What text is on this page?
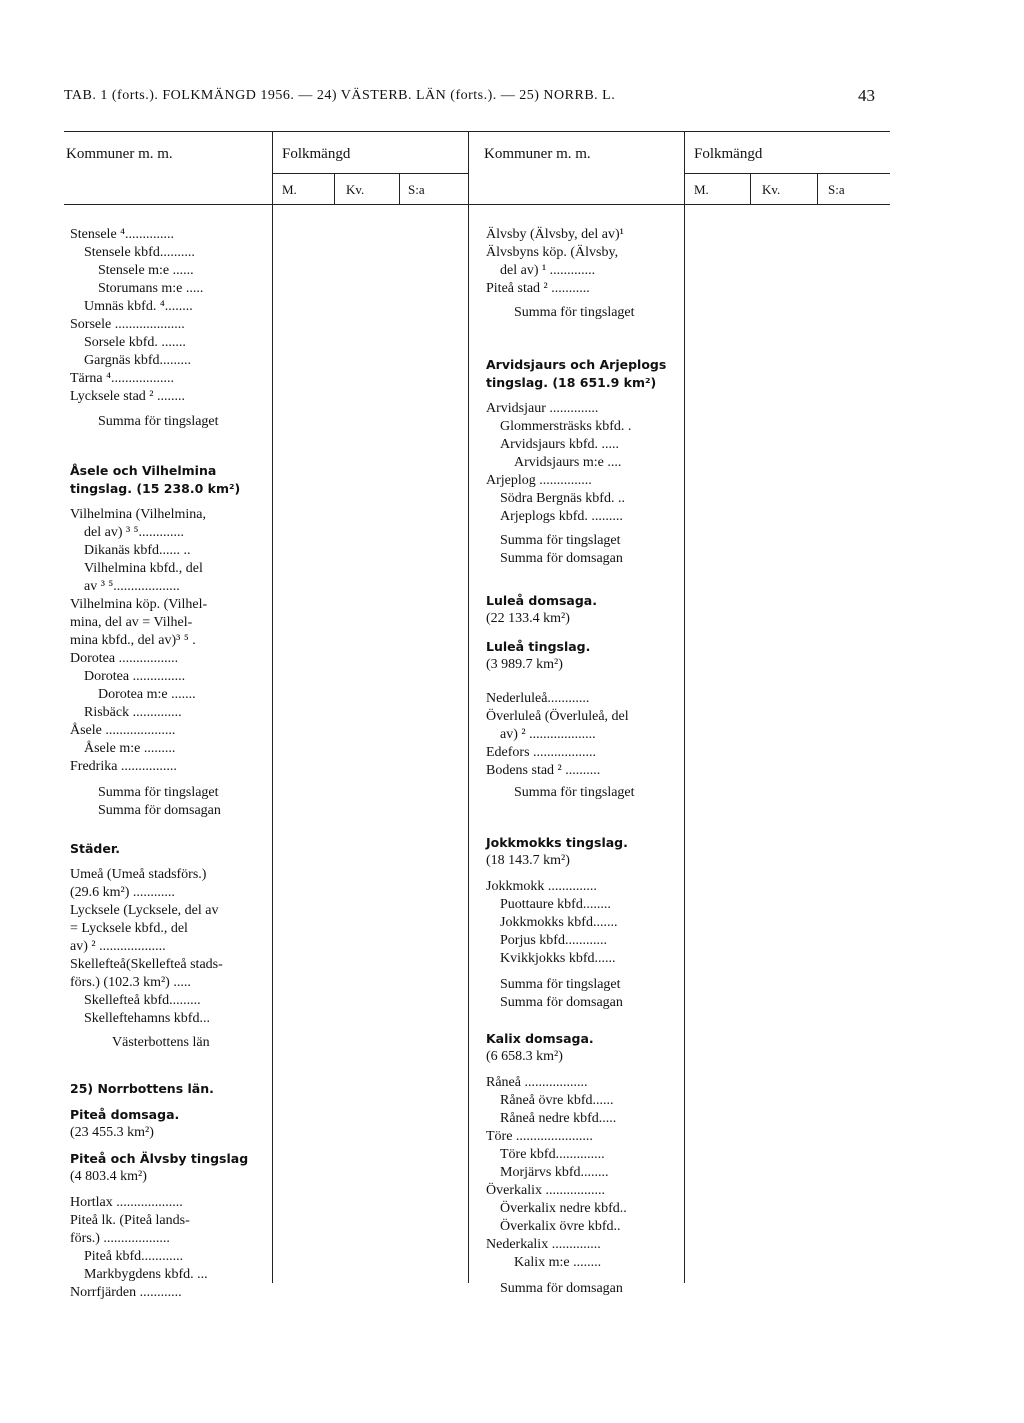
TAB. 1 (forts.). FOLKMÄNGD 1956. — 24) VÄSTERB. LÄN (forts.). — 25) NORRB. L.	43
Kommuner m. m.	Folkmängd	Kommuner m. m.	Folkmängd
M.	Kv.	S:a	M.	Kv.	S:a
Stensele ⁴..............
Stensele kbfd..........
Stensele m:e ......
Storumans m:e .....
Umnäs kbfd. ⁴........
Sorsele ....................
Sorsele kbfd. .......
Gargnäs kbfd.........
Tärna ⁴..................
Lycksele stad ² ........
Summa för tingslaget
Åsele och Vilhelmina
tingslag. (15 238.0 km²)
Vilhelmina (Vilhelmina,
del av) ³ ⁵.............
Dikanäs kbfd...... ..
Vilhelmina kbfd., del
av ³ ⁵...................
Vilhelmina köp. (Vilhel-
mina, del av = Vilhel-
mina kbfd., del av)³ ⁵ .
Dorotea .................
Dorotea ...............
Dorotea m:e .......
Risbäck ..............
Åsele ....................
Åsele m:e .........
Fredrika ................
Summa för tingslaget
Summa för domsagan
Städer.
Umeå (Umeå stadsförs.)
(29.6 km²) ............
Lycksele (Lycksele, del av
= Lycksele kbfd., del
av) ² ...................
Skellefteå(Skellefteå stads-
förs.) (102.3 km²) .....
Skellefteå kbfd.........
Skelleftehamns kbfd...
Västerbottens län
25) Norrbottens län.
Piteå domsaga.
(23 455.3 km²)
Piteå och Älvsby tingslag
(4 803.4 km²)
Hortlax ...................
Piteå lk. (Piteå lands-
förs.) ...................
Piteå kbfd............
Markbygdens kbfd. ...
Norrfjärden ............
Älvsby (Älvsby, del av)¹
Älvsbyns köp. (Älvsby,
del av) ¹ .............
Piteå stad ² ...........
Summa för tingslaget
Arvidsjaurs och Arjeplogs
tingslag. (18 651.9 km²)
Arvidsjaur ..............
Glommersträsks kbfd. .
Arvidsjaurs kbfd. .....
Arvidsjaurs m:e ....
Arjeplog ...............
Södra Bergnäs kbfd. ..
Arjeplogs kbfd. .........
Summa för tingslaget
Summa för domsagan
Luleå domsaga.
(22 133.4 km²)
Luleå tingslag.
(3 989.7 km²)
Nederluleå............
Överluleå (Överluleå, del
av) ² ...................
Edefors ..................
Bodens stad ² ..........
Summa för tingslaget
Jokkmokks tingslag.
(18 143.7 km²)
Jokkmokk ..............
Puottaure kbfd........
Jokkmokks kbfd.......
Porjus kbfd............
Kvikkjokks kbfd......
Summa för tingslaget
Summa för domsagan
Kalix domsaga.
(6 658.3 km²)
Råneå ..................
Råneå övre kbfd......
Råneå nedre kbfd.....
Töre ......................
Töre kbfd..............
Morjärvs kbfd........
Överkalix .................
Överkalix nedre kbfd..
Överkalix övre kbfd..
Nederkalix ..............
Kalix m:e ........
Summa för domsagan
